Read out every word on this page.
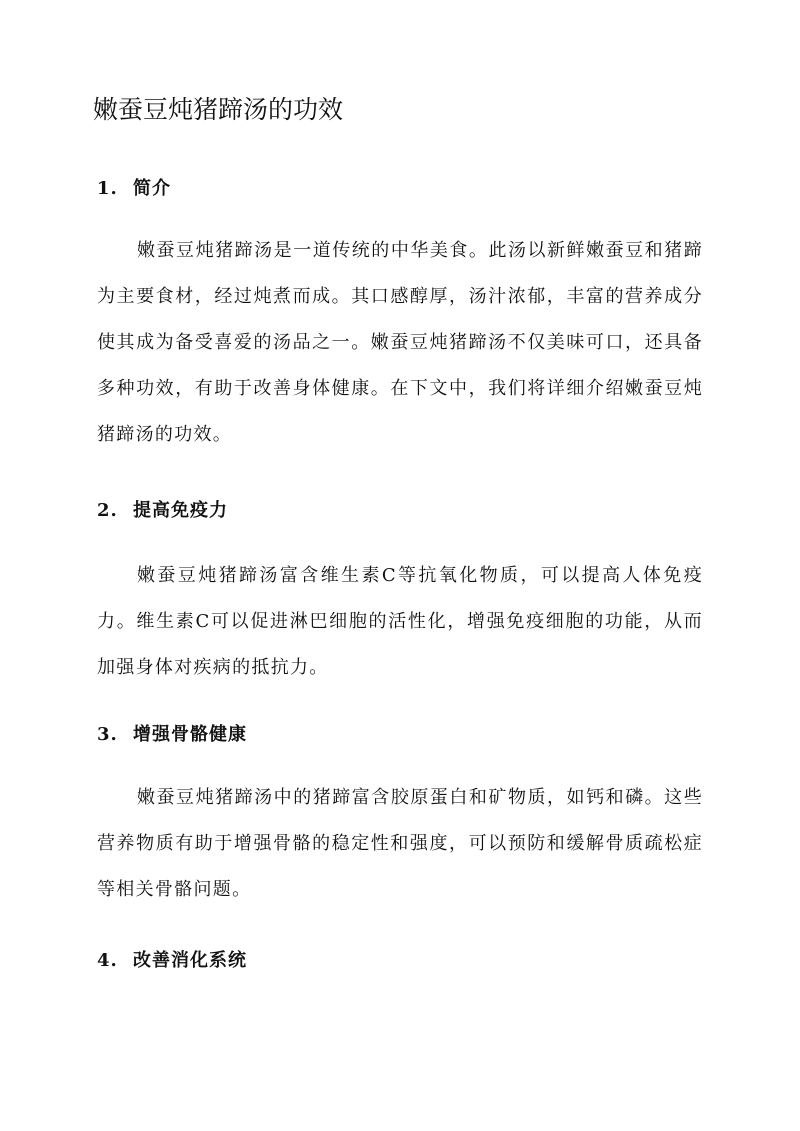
嫩蚕豆炖猪蹄汤的功效
1. 简介

嫩蚕豆炖猪蹄汤是一道传统的中华美食。此汤以新鲜嫩蚕豆和猪蹄为主要食材，经过炖煮而成。其口感醇厚，汤汁浓郁，丰富的营养成分使其成为备受喜爱的汤品之一。嫩蚕豆炖猪蹄汤不仅美味可口，还具备多种功效，有助于改善身体健康。在下文中，我们将详细介绍嫩蚕豆炖猪蹄汤的功效。

2. 提高免疫力

嫩蚕豆炖猪蹄汤富含维生素C等抗氧化物质，可以提高人体免疫力。维生素C可以促进淋巴细胞的活性化，增强免疫细胞的功能，从而加强身体对疾病的抵抗力。

3. 增强骨骼健康

嫩蚕豆炖猪蹄汤中的猪蹄富含胶原蛋白和矿物质，如钙和磷。这些营养物质有助于增强骨骼的稳定性和强度，可以预防和缓解骨质疏松症等相关骨骼问题。

4. 改善消化系统
